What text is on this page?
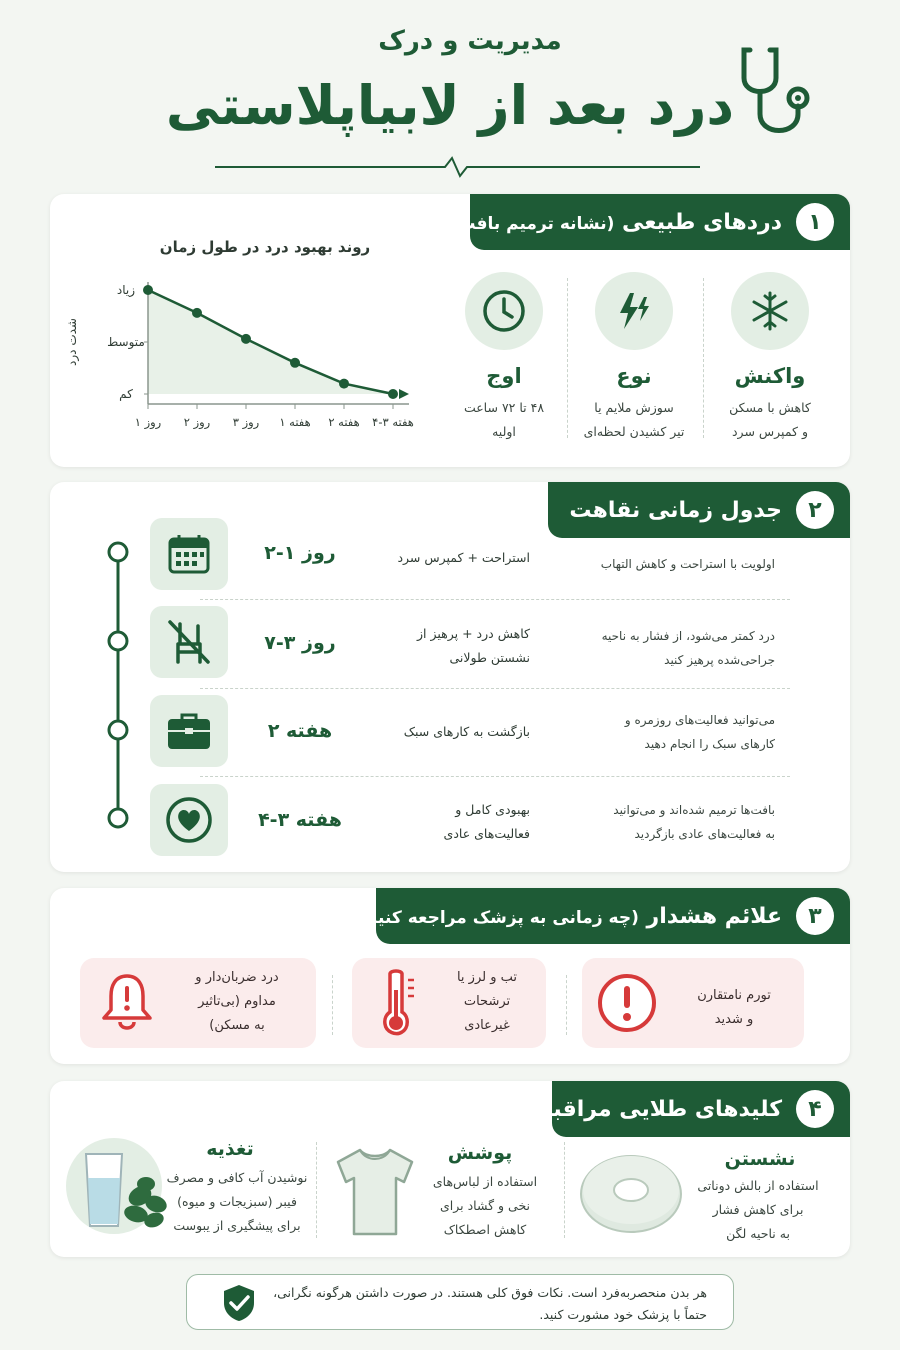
مدیریت و درک
درد بعد از لابیاپلاستی
۱
دردهای طبیعی (نشانه ترمیم بافت)
واکنش
کاهش با مسکن
و کمپرس سرد
نوع
سوزش ملایم یا
تیر کشیدن لحظه‌ای
اوج
۴۸ تا ۷۲ ساعت
اولیه
روند بهبود درد در طول زمان
کم
متوسط
زیاد
شدت درد
روز ۱ روز ۲ روز ۳ هفته ۱ هفته ۲ هفته ۳-۴
۲
جدول زمانی نقاهت
روز ۱-۲	استراحت + کمپرس سرد	اولویت با استراحت و کاهش التهاب
روز ۳-۷	کاهش درد + پرهیز از
نشستن طولانی
درد کمتر می‌شود، از فشار به ناحیه
جراحی‌شده پرهیز کنید
هفته ۲	بازگشت به کارهای سبک
می‌توانید فعالیت‌های روزمره و
کارهای سبک را انجام دهید
هفته ۳-۴	بهبودی کامل و
فعالیت‌های عادی
بافت‌ها ترمیم شده‌اند و می‌توانید
به فعالیت‌های عادی بازگردید
۳
علائم هشدار (چه زمانی به پزشک مراجعه کنیم؟)
تورم نامتقارن
و شدید
تب و لرز یا
ترشحات
غیرعادی
درد ضربان‌دار و
مداوم (بی‌تاثیر
به مسکن)
۴
کلیدهای طلایی مراقبت
نشستن
استفاده از بالش دوناتی
برای کاهش فشار
به ناحیه لگن
پوشش
استفاده از لباس‌های
نخی و گشاد برای
کاهش اصطکاک
تغذیه
نوشیدن آب کافی و مصرف
فیبر (سبزیجات و میوه)
برای پیشگیری از یبوست
هر بدن منحصربه‌فرد است. نکات فوق کلی هستند. در صورت داشتن هرگونه نگرانی،
حتماً با پزشک خود مشورت کنید.
